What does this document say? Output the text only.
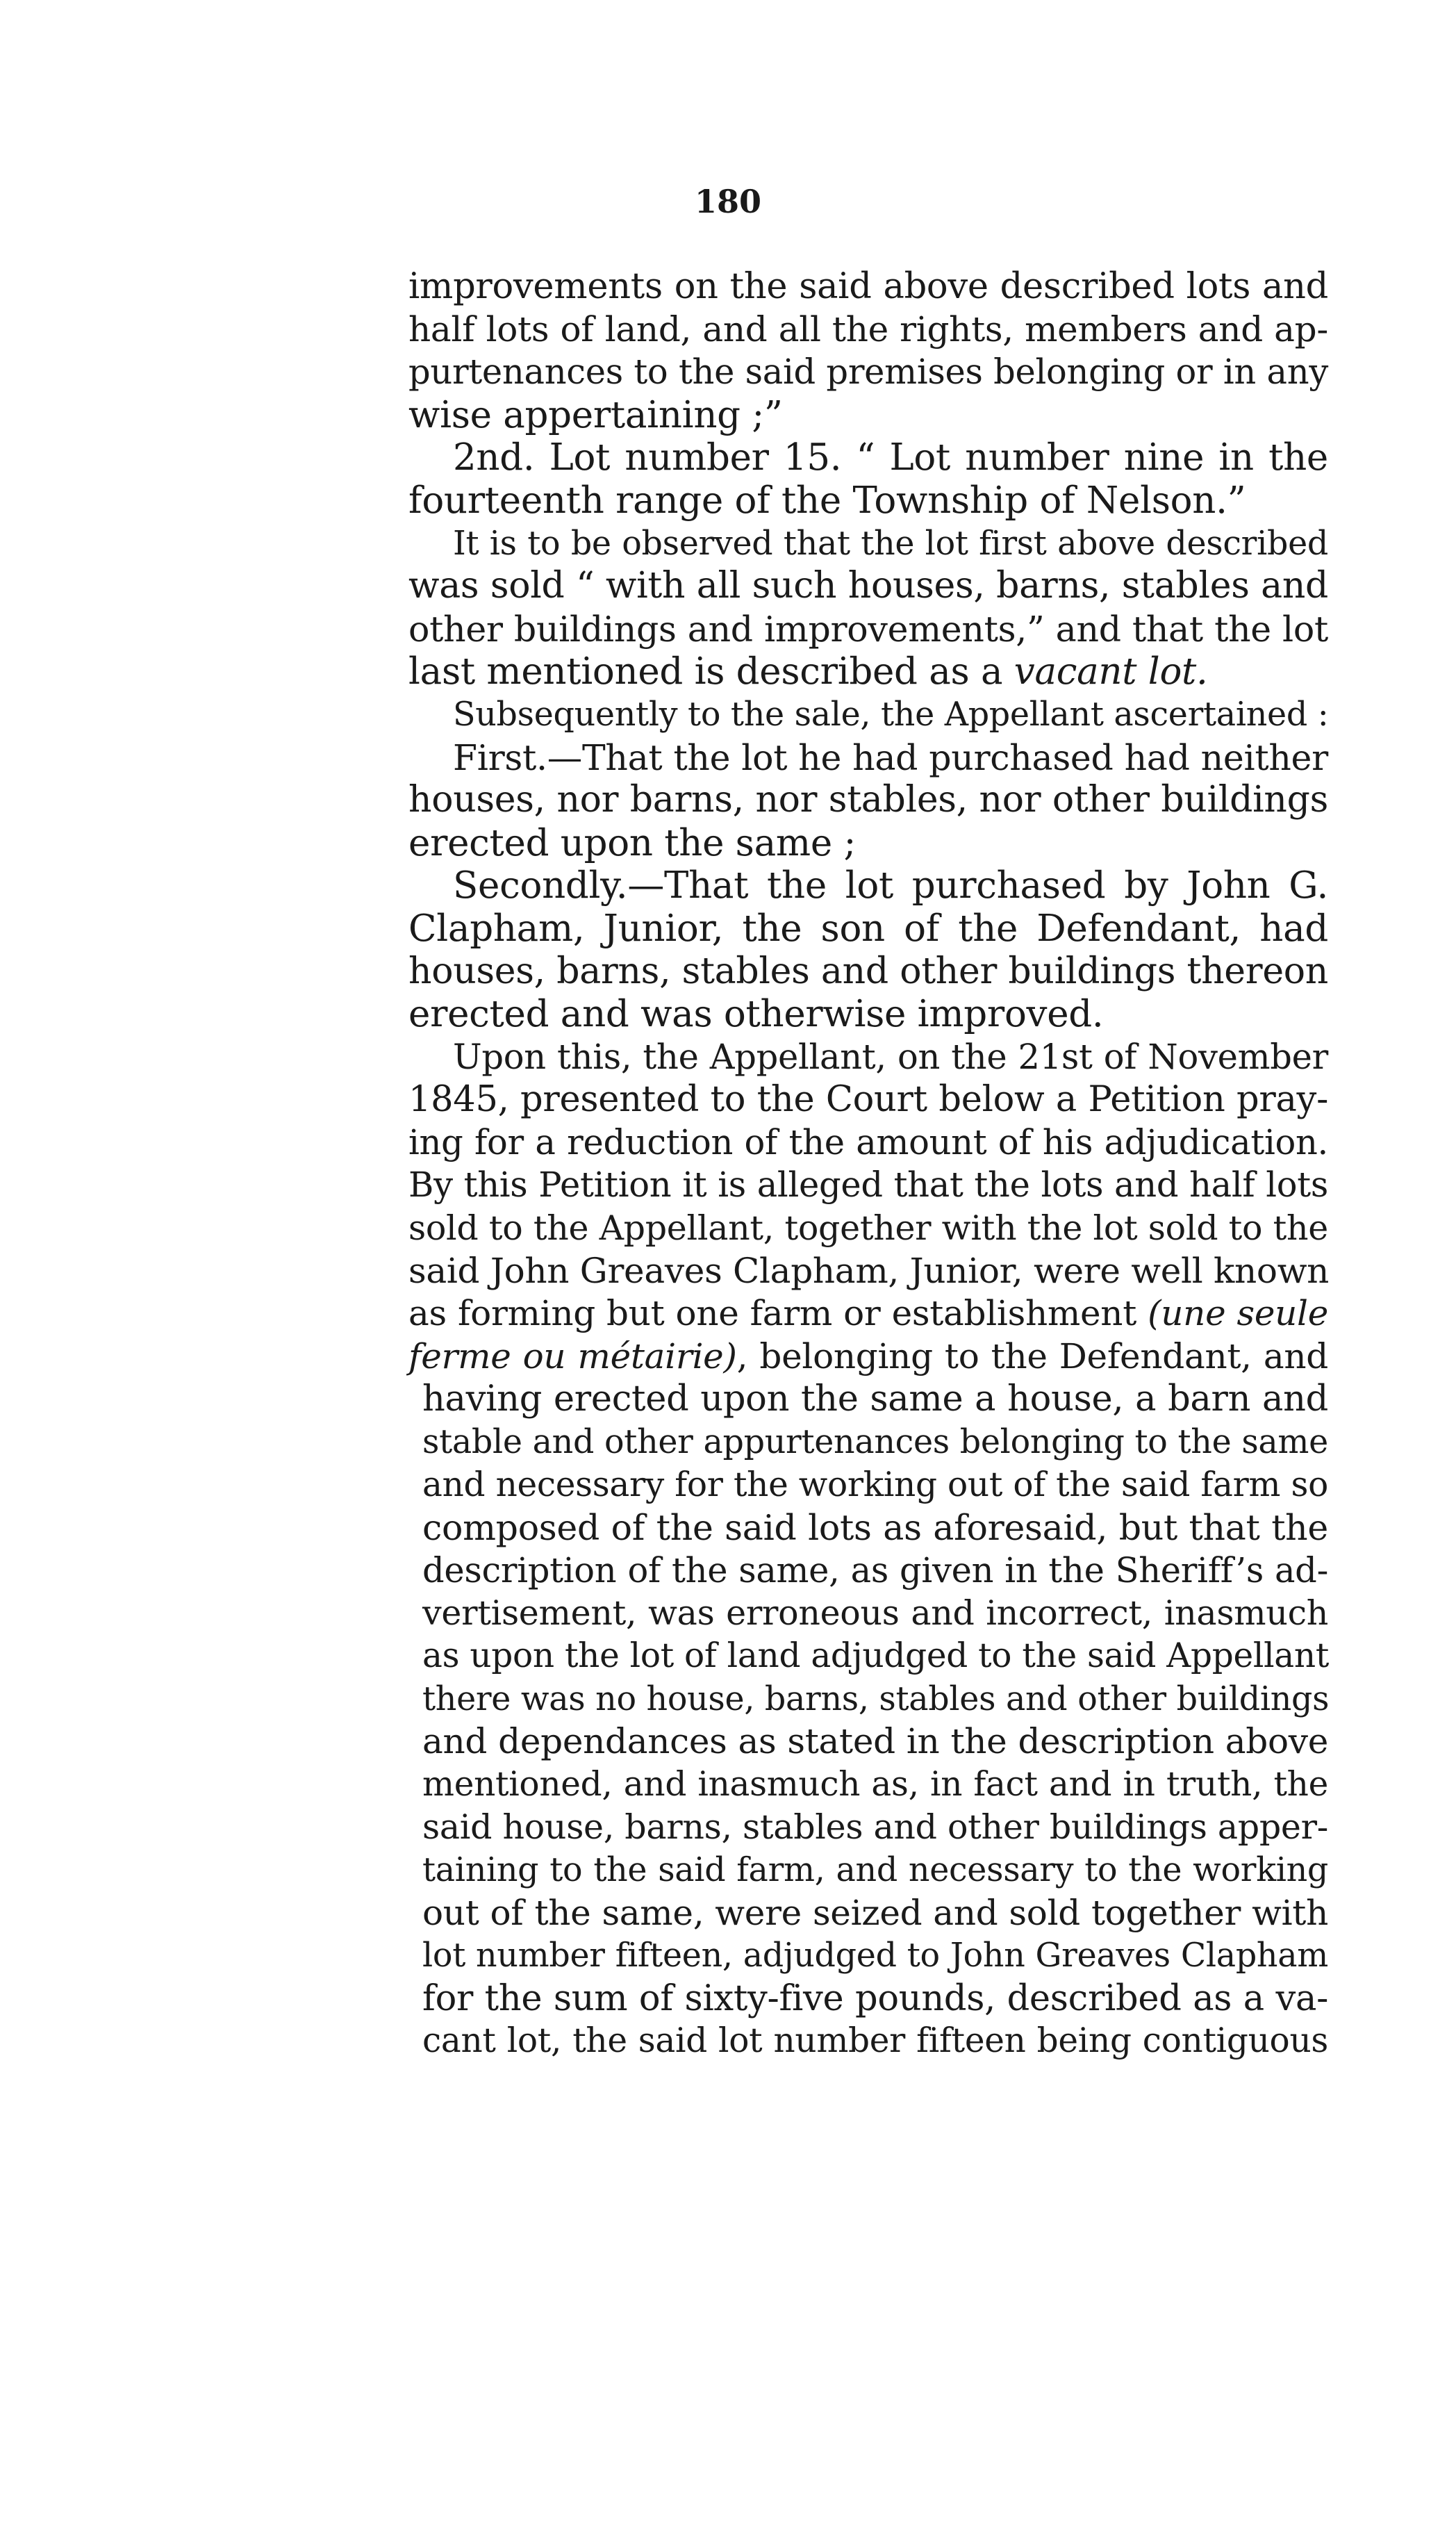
180
improvements on the said above described lots and
half lots of land, and all the rights, members and ap-
purtenances to the said premises belonging or in any
wise appertaining ;”
2nd. Lot number 15. “ Lot number nine in the
fourteenth range of the Township of Nelson.”
It is to be observed that the lot first above described
was sold “ with all such houses, barns, stables and
other buildings and improvements,” and that the lot
last mentioned is described as a vacant lot.
Subsequently to the sale, the Appellant ascertained :
First.—That the lot he had purchased had neither
houses, nor barns, nor stables, nor other buildings
erected upon the same ;
Secondly.—That the lot purchased by John G.
Clapham, Junior, the son of the Defendant, had
houses, barns, stables and other buildings thereon
erected and was otherwise improved.
Upon this, the Appellant, on the 21st of November
1845, presented to the Court below a Petition pray-
ing for a reduction of the amount of his adjudication.
By this Petition it is alleged that the lots and half lots
sold to the Appellant, together with the lot sold to the
said John Greaves Clapham, Junior, were well known
as forming but one farm or establishment (une seule
ferme ou métairie), belonging to the Defendant, and
having erected upon the same a house, a barn and
stable and other appurtenances belonging to the same
and necessary for the working out of the said farm so
composed of the said lots as aforesaid, but that the
description of the same, as given in the Sheriff’s ad-
vertisement, was erroneous and incorrect, inasmuch
as upon the lot of land adjudged to the said Appellant
there was no house, barns, stables and other buildings
and dependances as stated in the description above
mentioned, and inasmuch as, in fact and in truth, the
said house, barns, stables and other buildings apper-
taining to the said farm, and necessary to the working
out of the same, were seized and sold together with
lot number fifteen, adjudged to John Greaves Clapham
for the sum of sixty-five pounds, described as a va-
cant lot, the said lot number fifteen being contiguous
